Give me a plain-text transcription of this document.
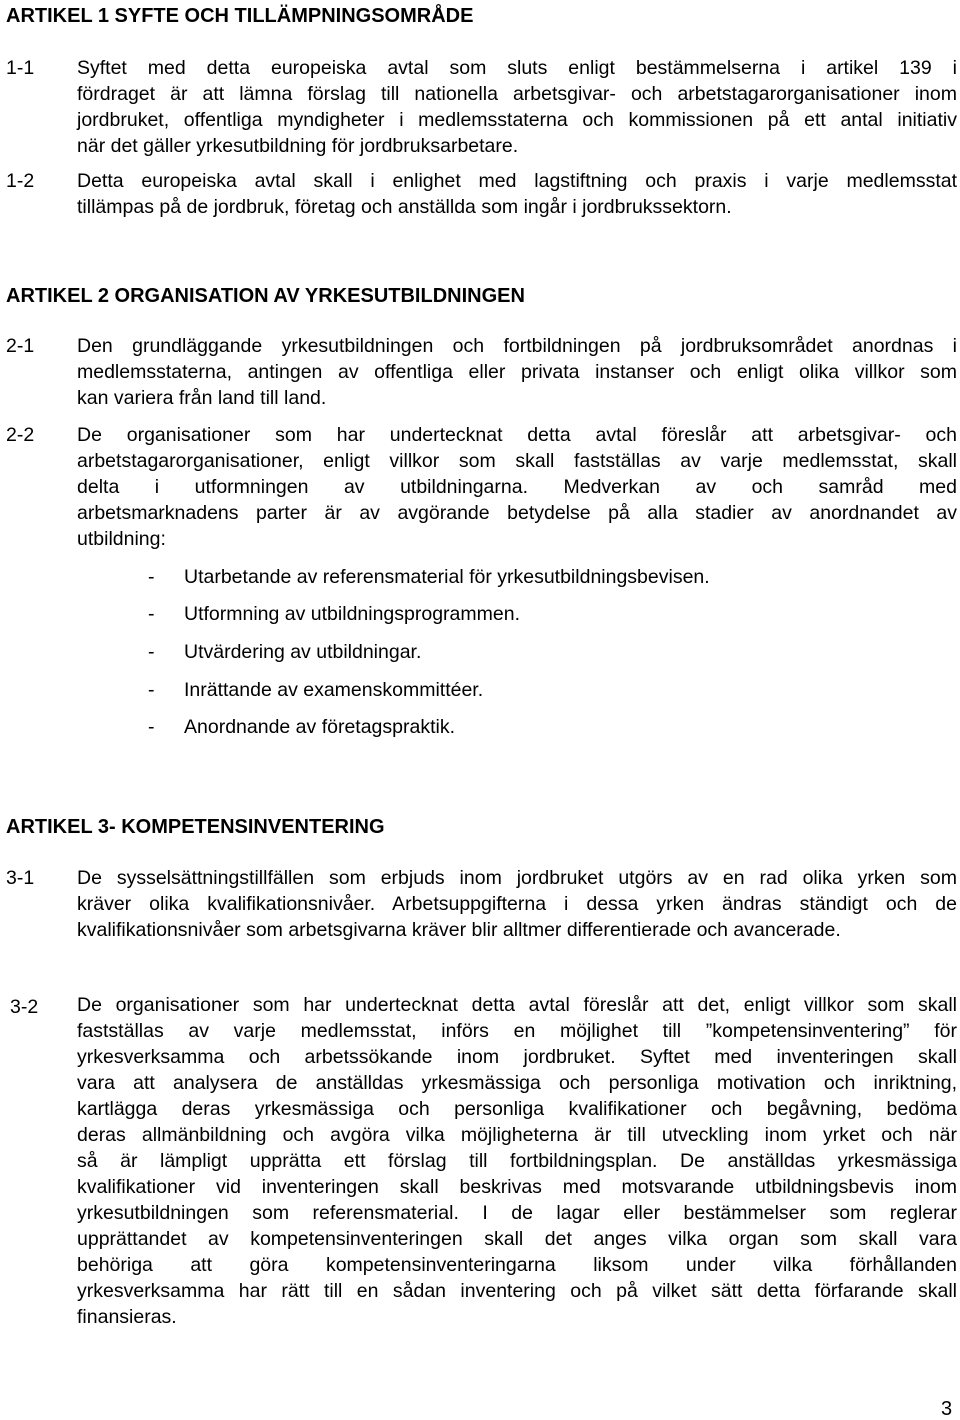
ARTIKEL 1 SYFTE OCH TILLÄMPNINGSOMRÅDE
1-1 Syftet med detta europeiska avtal som sluts enligt bestämmelserna i artikel 139 i
fördraget är att lämna förslag till nationella arbetsgivar- och arbetstagarorganisationer inom
jordbruket, offentliga myndigheter i medlemsstaterna och kommissionen på ett antal initiativ
när det gäller yrkesutbildning för jordbruksarbetare.
1-2 Detta europeiska avtal skall i enlighet med lagstiftning och praxis i varje medlemsstat
tillämpas på de jordbruk, företag och anställda som ingår i jordbrukssektorn.
ARTIKEL 2 ORGANISATION AV YRKESUTBILDNINGEN
2-1 Den grundläggande yrkesutbildningen och fortbildningen på jordbruksområdet anordnas i
medlemsstaterna, antingen av offentliga eller privata instanser och enligt olika villkor som
kan variera från land till land.
2-2 De organisationer som har undertecknat detta avtal föreslår att arbetsgivar- och
arbetstagarorganisationer, enligt villkor som skall fastställas av varje medlemsstat, skall
delta i utformningen av utbildningarna. Medverkan av och samråd med
arbetsmarknadens parter är av avgörande betydelse på alla stadier av anordnandet av
utbildning:
- Utarbetande av referensmaterial för yrkesutbildningsbevisen.
- Utformning av utbildningsprogrammen.
- Utvärdering av utbildningar.
- Inrättande av examenskommittéer.
- Anordnande av företagspraktik.
ARTIKEL 3- KOMPETENSINVENTERING
3-1 De sysselsättningstillfällen som erbjuds inom jordbruket utgörs av en rad olika yrken som
kräver olika kvalifikationsnivåer. Arbetsuppgifterna i dessa yrken ändras ständigt och de
kvalifikationsnivåer som arbetsgivarna kräver blir alltmer differentierade och avancerade.
3-2 De organisationer som har undertecknat detta avtal föreslår att det, enligt villkor som skall
fastställas av varje medlemsstat, införs en möjlighet till ”kompetensinventering” för
yrkesverksamma och arbetssökande inom jordbruket. Syftet med inventeringen skall
vara att analysera de anställdas yrkesmässiga och personliga motivation och inriktning,
kartlägga deras yrkesmässiga och personliga kvalifikationer och begåvning, bedöma
deras allmänbildning och avgöra vilka möjligheterna är till utveckling inom yrket och när
så är lämpligt upprätta ett förslag till fortbildningsplan. De anställdas yrkesmässiga
kvalifikationer vid inventeringen skall beskrivas med motsvarande utbildningsbevis inom
yrkesutbildningen som referensmaterial. I de lagar eller bestämmelser som reglerar
upprättandet av kompetensinventeringen skall det anges vilka organ som skall vara
behöriga att göra kompetensinventeringarna liksom under vilka förhållanden
yrkesverksamma har rätt till en sådan inventering och på vilket sätt detta förfarande skall
finansieras.
3
